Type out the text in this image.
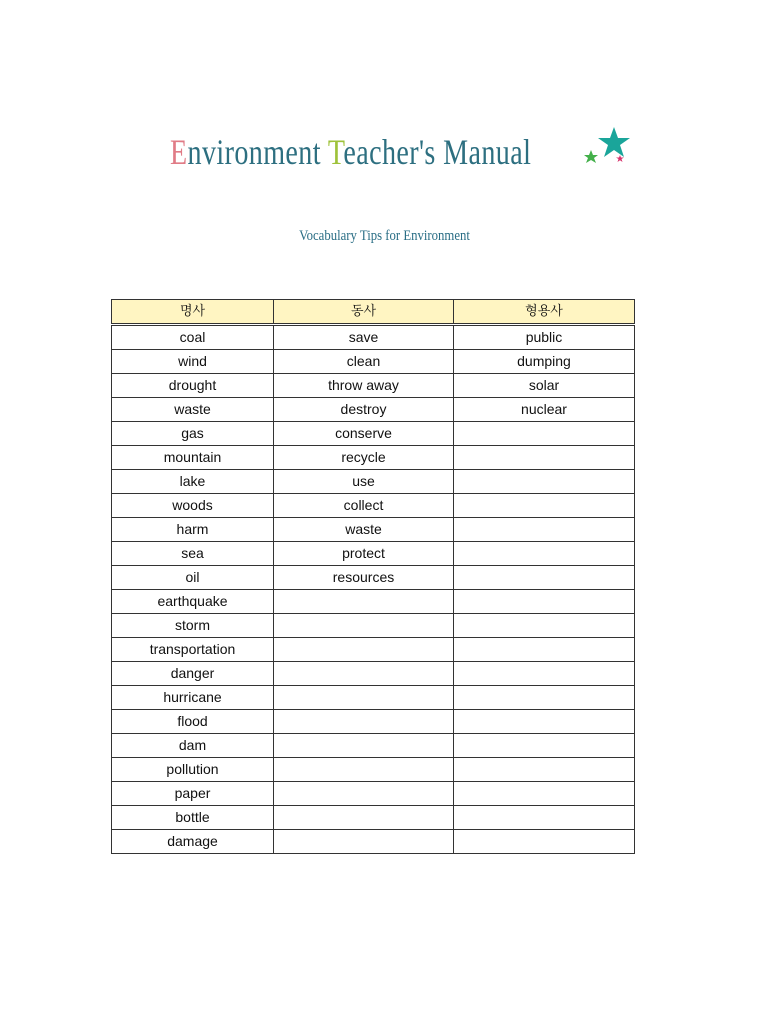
Environment Teacher's Manual
Vocabulary Tips for Environment
명사	동사	형용사
coal	save	public
wind	clean	dumping
drought	throw away	solar
waste	destroy	nuclear
gas	conserve	
mountain	recycle	
lake	use	
woods	collect	
harm	waste	
sea	protect	
oil	resources	
earthquake		
storm		
transportation		
danger		
hurricane		
flood		
dam		
pollution		
paper		
bottle		
damage		
